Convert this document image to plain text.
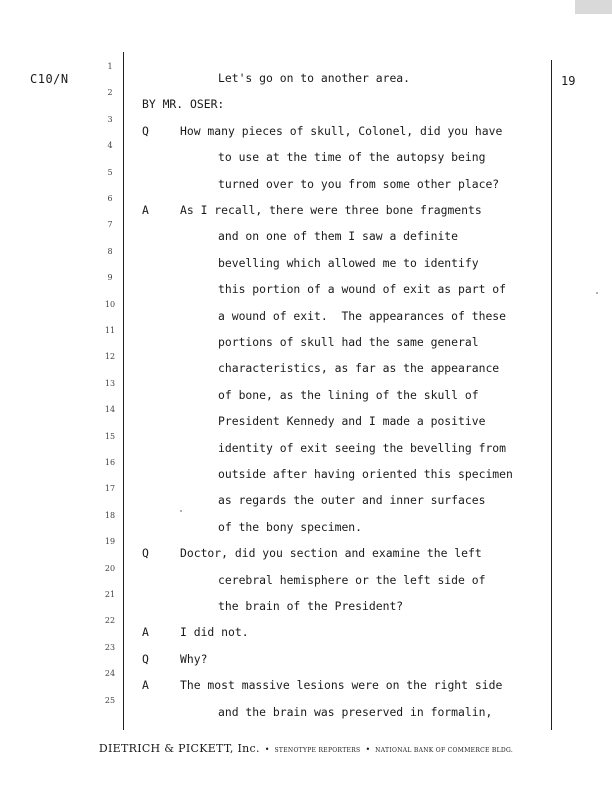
C10/N	19
1
2
3
4
5
6
7
8
9
10
11
12
13
14
15
16
17
18
19
20
21
22
23
24
25
Let's go on to another area.
BY MR. OSER:
Q	How many pieces of skull, Colonel, did you have
to use at the time of the autopsy being
turned over to you from some other place?
A	As I recall, there were three bone fragments
and on one of them I saw a definite
bevelling which allowed me to identify
this portion of a wound of exit as part of
a wound of exit.  The appearances of these
portions of skull had the same general
characteristics, as far as the appearance
of bone, as the lining of the skull of
President Kennedy and I made a positive
identity of exit seeing the bevelling from
outside after having oriented this specimen
as regards the outer and inner surfaces
of the bony specimen.
Q	Doctor, did you section and examine the left
cerebral hemisphere or the left side of
the brain of the President?
A	I did not.
Q	Why?
A	The most massive lesions were on the right side
and the brain was preserved in formalin,
DIETRICH & PICKETT, Inc. • STENOTYPE REPORTERS • NATIONAL BANK OF COMMERCE BLDG.
